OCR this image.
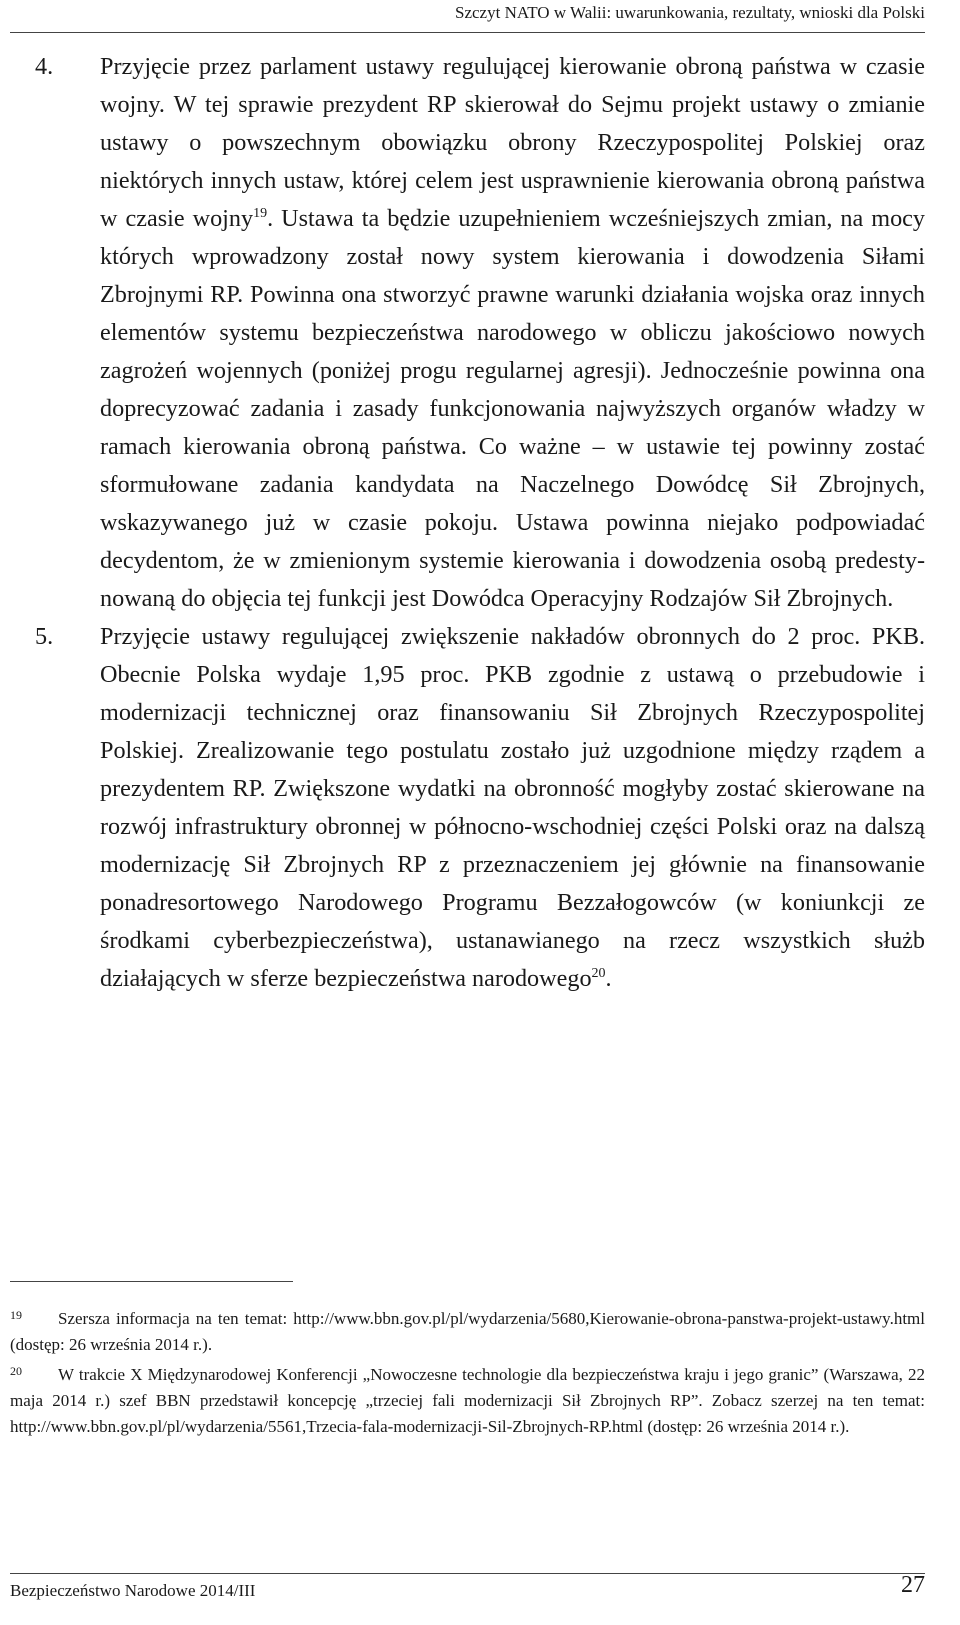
Szczyt NATO w Walii: uwarunkowania, rezultaty, wnioski dla Polski
4.	Przyjęcie przez parlament ustawy regulującej kierowanie obroną państwa w czasie wojny. W tej sprawie prezydent RP skierował do Sejmu projekt ustawy o zmianie ustawy o powszechnym obowiązku obrony Rzeczypospolitej Polskiej oraz niektórych innych ustaw, której celem jest usprawnienie kierowania obroną państwa w czasie wojny$^{19}$. Ustawa ta będzie uzupełnieniem wcześniejszych zmian, na mocy których wprowadzony został nowy system kierowania i dowodzenia Siłami Zbrojnymi RP. Powinna ona stworzyć prawne warunki działania wojska oraz innych elementów systemu bezpieczeństwa narodowego w obliczu jakościowo nowych zagrożeń wojennych (poniżej progu regularnej agresji). Jednocześnie powinna ona doprecyzować zadania i zasady funkcjonowania najwyższych organów władzy w ramach kierowania obroną państwa. Co ważne – w ustawie tej powinny zostać sformułowane zadania kandydata na Naczelnego Dowódcę Sił Zbrojnych, wskazywanego już w czasie pokoju. Ustawa powinna niejako podpowiadać decydentom, że w zmienionym systemie kierowania i dowodzenia osobą predestynowaną do objęcia tej funkcji jest Dowódca Operacyjny Rodzajów Sił Zbrojnych.
5.	Przyjęcie ustawy regulującej zwiększenie nakładów obronnych do 2 proc. PKB. Obecnie Polska wydaje 1,95 proc. PKB zgodnie z ustawą o przebudowie i modernizacji technicznej oraz finansowaniu Sił Zbrojnych Rzeczypospolitej Polskiej. Zrealizowanie tego postulatu zostało już uzgodnione między rządem a prezydentem RP. Zwiększone wydatki na obronność mogłyby zostać skierowane na rozwój infrastruktury obronnej w północno-wschodniej części Polski oraz na dalszą modernizację Sił Zbrojnych RP z przeznaczeniem jej głównie na finansowanie ponadresortowego Narodowego Programu Bezzałogowców (w koniunkcji ze środkami cyberbezpieczeństwa), ustanawianego na rzecz wszystkich służb działających w sferze bezpieczeństwa narodowego$^{20}$.
19 Szersza informacja na ten temat: http://www.bbn.gov.pl/pl/wydarzenia/5680,Kierowanie-obrona-panstwa-projekt-ustawy.html (dostęp: 26 września 2014 r.).
20 W trakcie X Międzynarodowej Konferencji „Nowoczesne technologie dla bezpieczeństwa kraju i jego granic” (Warszawa, 22 maja 2014 r.) szef BBN przedstawił koncepcję „trzeciej fali modernizacji Sił Zbrojnych RP”. Zobacz szerzej na ten temat: http://www.bbn.gov.pl/pl/wydarzenia/5561,Trzecia-fala-modernizacji-Sil-Zbrojnych-RP.html (dostęp: 26 września 2014 r.).
Bezpieczeństwo Narodowe 2014/III	27
